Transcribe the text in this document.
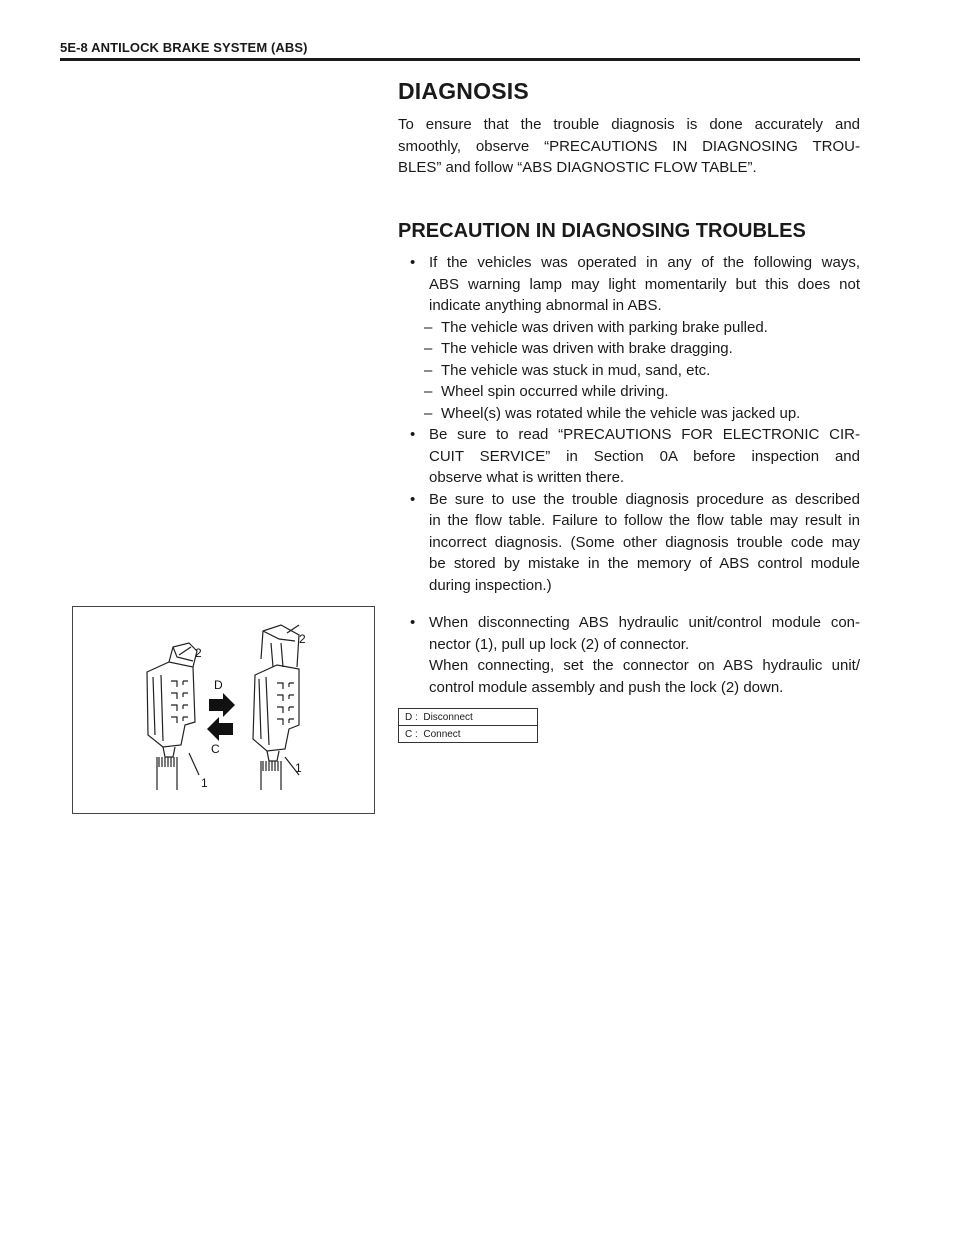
5E-8 ANTILOCK BRAKE SYSTEM (ABS)
DIAGNOSIS

To ensure that the trouble diagnosis is done accurately and
smoothly, observe “PRECAUTIONS IN DIAGNOSING TROU-
BLES” and follow “ABS DIAGNOSTIC FLOW TABLE”.

PRECAUTION IN DIAGNOSING TROUBLES
• If the vehicles was operated in any of the following ways,
ABS warning lamp may light momentarily but this does not
indicate anything abnormal in ABS.
– The vehicle was driven with parking brake pulled.
– The vehicle was driven with brake dragging.
– The vehicle was stuck in mud, sand, etc.
– Wheel spin occurred while driving.
– Wheel(s) was rotated while the vehicle was jacked up.
• Be sure to read “PRECAUTIONS FOR ELECTRONIC CIR-
CUIT SERVICE” in Section 0A before inspection and
observe what is written there.
• Be sure to use the trouble diagnosis procedure as described
in the flow table. Failure to follow the flow table may result in
incorrect diagnosis. (Some other diagnosis trouble code may
be stored by mistake in the memory of ABS control module
during inspection.)
• When disconnecting ABS hydraulic unit/control module con-
nector (1), pull up lock (2) of connector.
When connecting, set the connector on ABS hydraulic unit/
control module assembly and push the lock (2) down.
2
2
1
1
D
C
D : Disconnect
C : Connect
